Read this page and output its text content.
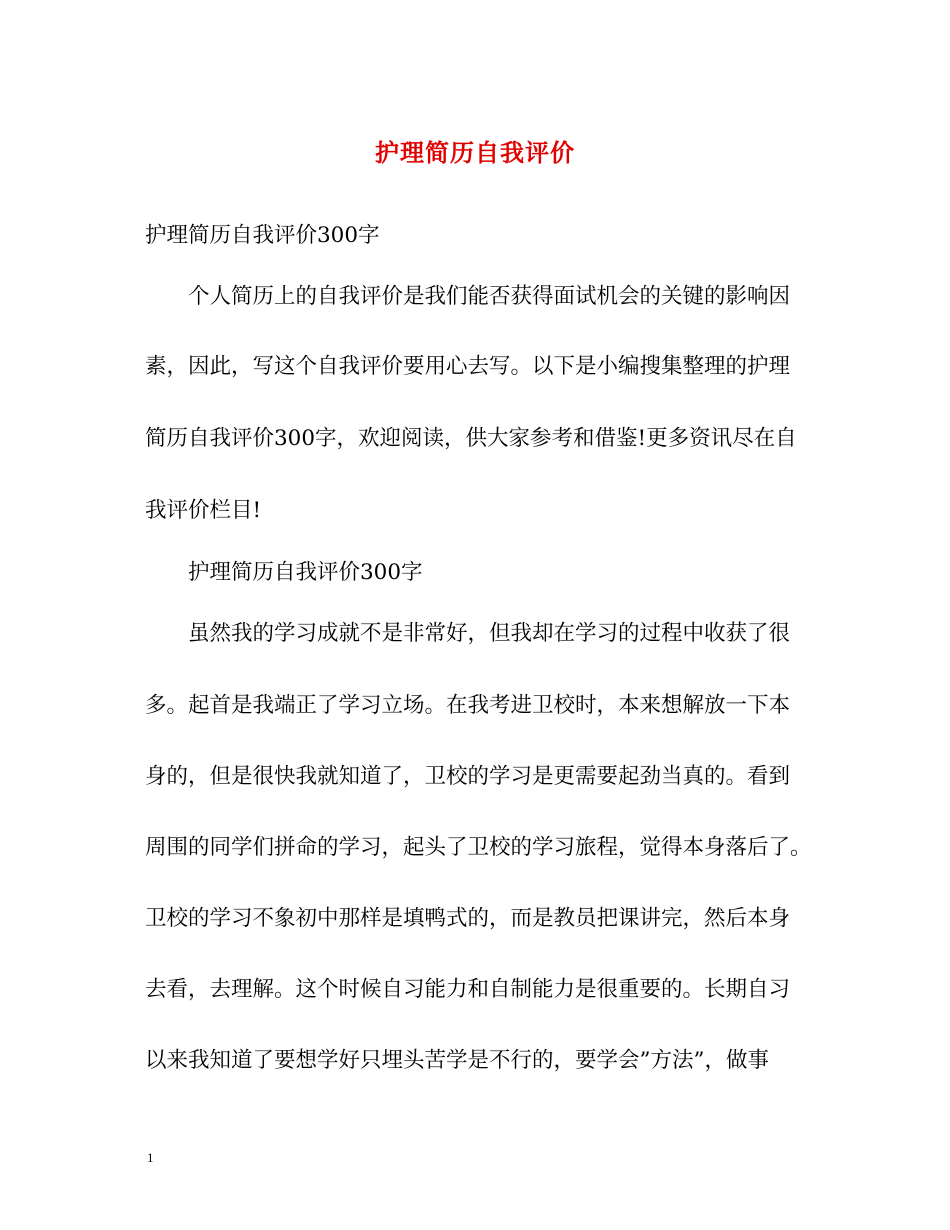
护理简历自我评价
护理简历自我评价300字
个人简历上的自我评价是我们能否获得面试机会的关键的影响因
素，因此，写这个自我评价要用心去写。以下是小编搜集整理的护理
简历自我评价300字，欢迎阅读，供大家参考和借鉴!更多资讯尽在自
我评价栏目!
护理简历自我评价300字
虽然我的学习成就不是非常好，但我却在学习的过程中收获了很
多。起首是我端正了学习立场。在我考进卫校时，本来想解放一下本
身的，但是很快我就知道了，卫校的学习是更需要起劲当真的。看到
周围的同学们拼命的学习，起头了卫校的学习旅程，觉得本身落后了。
卫校的学习不象初中那样是填鸭式的，而是教员把课讲完，然后本身
去看，去理解。这个时候自习能力和自制能力是很重要的。长期自习
以来我知道了要想学好只埋头苦学是不行的，要学会”方法”，做事
1
